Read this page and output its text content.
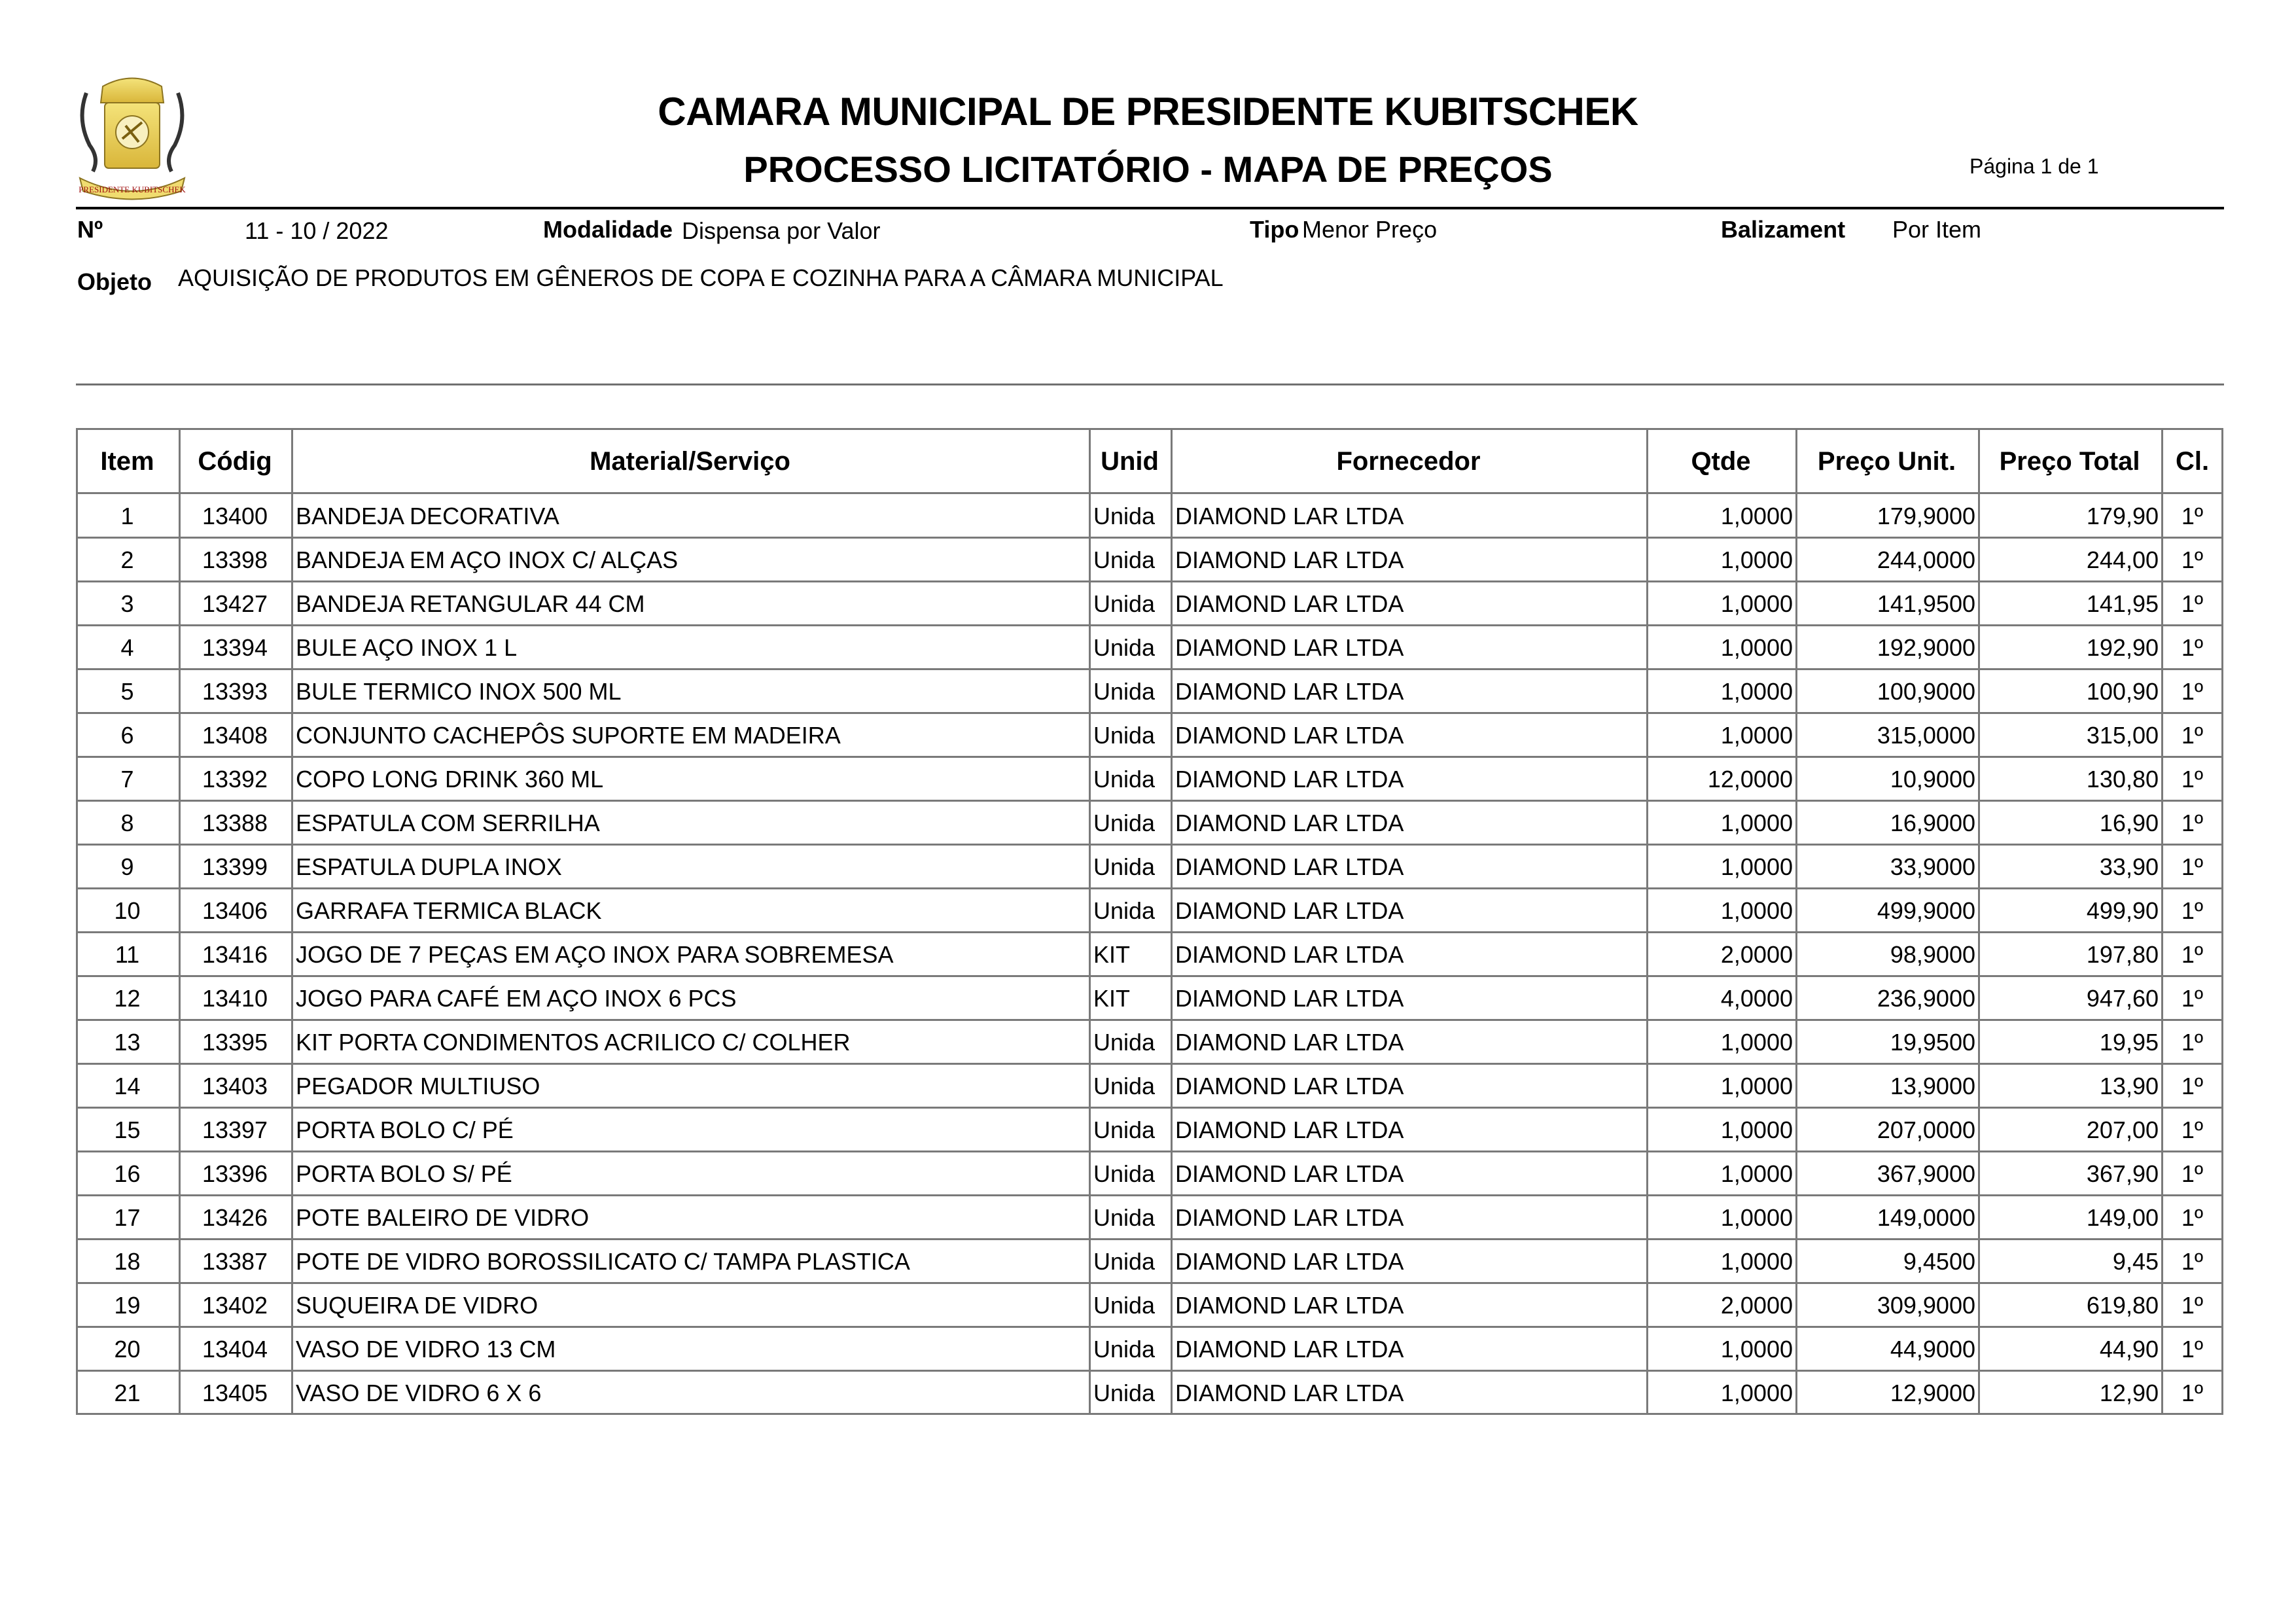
PRESIDENTE KUBITSCHEK
CAMARA MUNICIPAL DE PRESIDENTE KUBITSCHEK
PROCESSO LICITATÓRIO - MAPA DE PREÇOS	Página 1 de 1
Nº	11 - 10 / 2022	Modalidade Dispensa por Valor	Tipo Menor Preço	Balizament Por Item
Objeto AQUISIÇÃO DE PRODUTOS EM GÊNEROS DE COPA E COZINHA PARA A CÂMARA MUNICIPAL
Item	Códig	Material/Serviço	Unid	Fornecedor	Qtde	Preço Unit.	Preço Total	Cl.
1	13400	BANDEJA DECORATIVA	Unida DIAMOND LAR LTDA	1,0000	179,9000	179,90 1º
2	13398	BANDEJA EM AÇO INOX C/ ALÇAS	Unida DIAMOND LAR LTDA	1,0000	244,0000	244,00 1º
3	13427	BANDEJA RETANGULAR 44 CM	Unida DIAMOND LAR LTDA	1,0000	141,9500	141,95 1º
4	13394	BULE AÇO INOX 1 L	Unida DIAMOND LAR LTDA	1,0000	192,9000	192,90 1º
5	13393	BULE TERMICO INOX 500 ML	Unida DIAMOND LAR LTDA	1,0000	100,9000	100,90 1º
6	13408	CONJUNTO CACHEPÔS SUPORTE EM MADEIRA	Unida DIAMOND LAR LTDA	1,0000	315,0000	315,00 1º
7	13392	COPO LONG DRINK 360 ML	Unida DIAMOND LAR LTDA	12,0000	10,9000	130,80 1º
8	13388	ESPATULA COM SERRILHA	Unida DIAMOND LAR LTDA	1,0000	16,9000	16,90 1º
9	13399	ESPATULA DUPLA INOX	Unida DIAMOND LAR LTDA	1,0000	33,9000	33,90 1º
10	13406	GARRAFA TERMICA BLACK	Unida DIAMOND LAR LTDA	1,0000	499,9000	499,90 1º
11	13416	JOGO DE 7 PEÇAS EM AÇO INOX PARA SOBREMESA	KIT	DIAMOND LAR LTDA	2,0000	98,9000	197,80 1º
12	13410	JOGO PARA CAFÉ EM AÇO INOX 6 PCS	KIT	DIAMOND LAR LTDA	4,0000	236,9000	947,60 1º
13	13395	KIT PORTA CONDIMENTOS ACRILICO C/ COLHER	Unida DIAMOND LAR LTDA	1,0000	19,9500	19,95 1º
14	13403	PEGADOR MULTIUSO	Unida DIAMOND LAR LTDA	1,0000	13,9000	13,90 1º
15	13397	PORTA BOLO C/ PÉ	Unida DIAMOND LAR LTDA	1,0000	207,0000	207,00 1º
16	13396	PORTA BOLO S/ PÉ	Unida DIAMOND LAR LTDA	1,0000	367,9000	367,90 1º
17	13426	POTE BALEIRO DE VIDRO	Unida DIAMOND LAR LTDA	1,0000	149,0000	149,00 1º
18	13387	POTE DE VIDRO BOROSSILICATO C/ TAMPA PLASTICA	Unida DIAMOND LAR LTDA	1,0000	9,4500	9,45 1º
19	13402	SUQUEIRA DE VIDRO	Unida DIAMOND LAR LTDA	2,0000	309,9000	619,80 1º
20	13404	VASO DE VIDRO 13 CM	Unida DIAMOND LAR LTDA	1,0000	44,9000	44,90 1º
21	13405	VASO DE VIDRO 6 X 6	Unida DIAMOND LAR LTDA	1,0000	12,9000	12,90 1º
